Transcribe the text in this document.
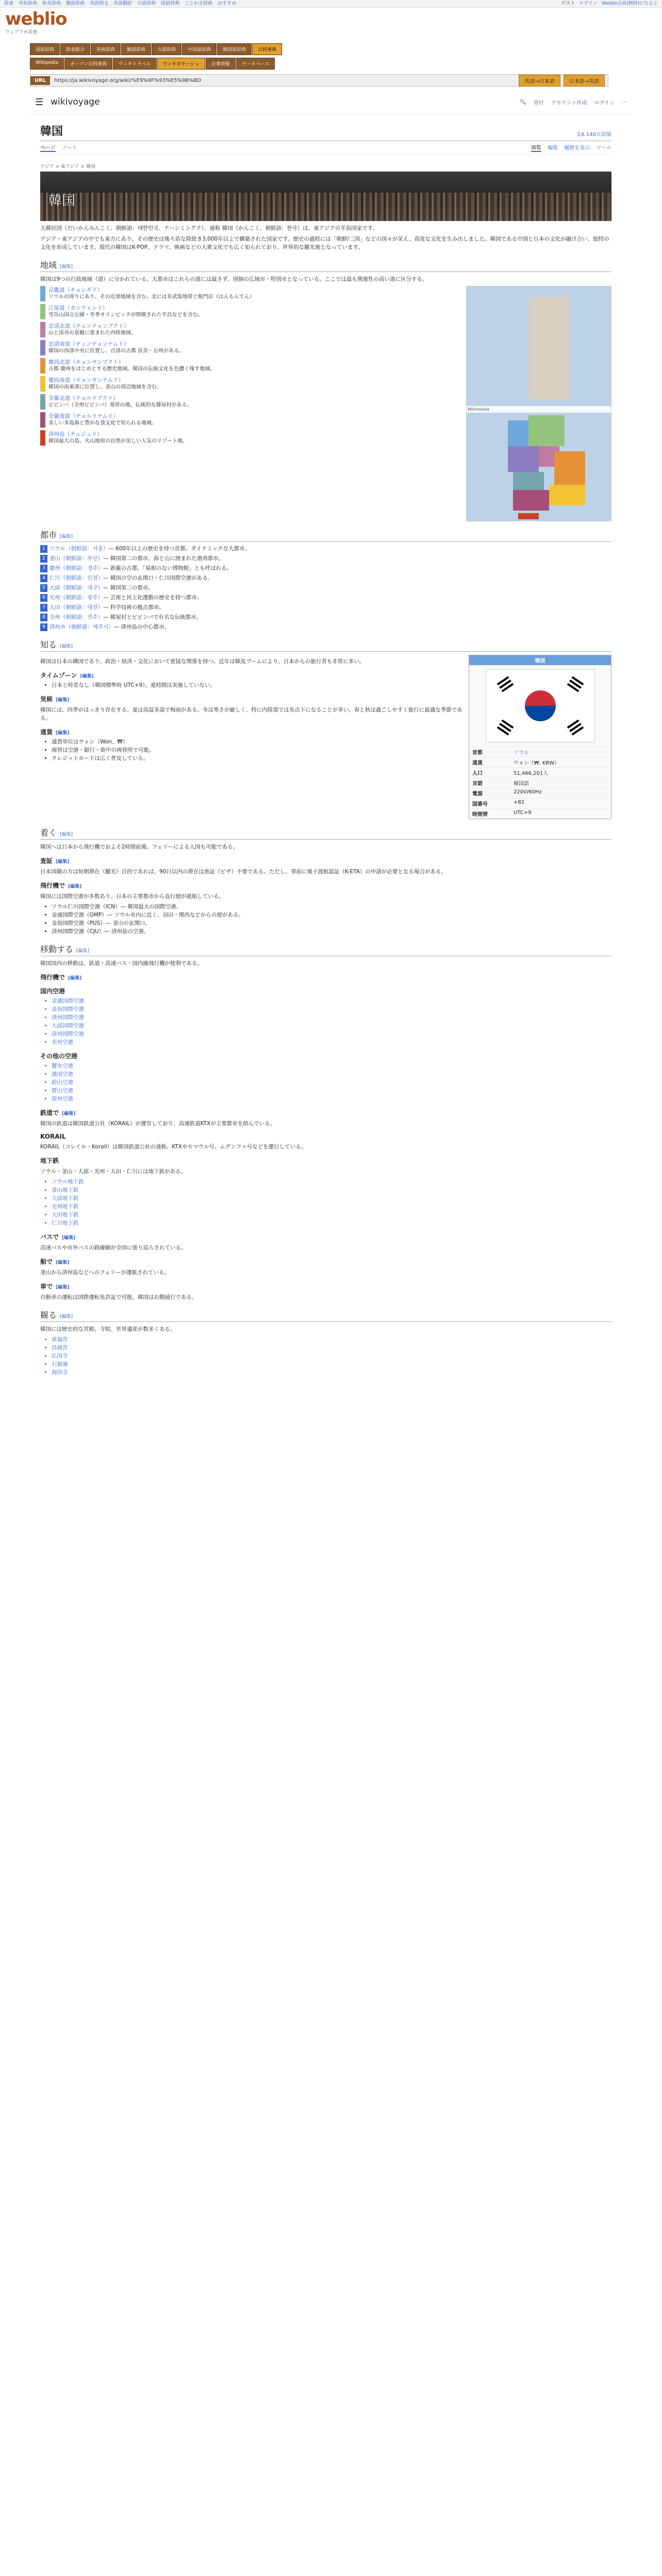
辞書 英和辞典 和英辞典 類語辞典 英語例文 英語翻訳 古語辞典 国語辞典 ことわざ辞典 おすすめ	ゲスト ログイン Weblio会員(無料)になると
weblio
ウェブリオ辞書
国語辞典	辞書総合	英和辞典	類語辞典	古語辞典	中国語辞典	韓国語辞典	百科事典
Wikipedia	オープン百科事典	ウィキトラベル	ウィキボヤージュ	企業情報	データベース
URL	https://ja.wikivoyage.org/wiki/%E9%9F%93%E5%9B%BD	英語→日本語	日本語→英語
☰ wikivoyage	🔍 寄付 アカウント作成 ログイン ⋯
韓国	文A 140言語版
ページ ノート	閲覧 編集 履歴を表示 ツール
アジア > 東アジア > 韓国
韓国

大韓民国（だいかんみんこく、朝鮮語：대한민국、テハンミングク）、通称 韓国（かんこく、朝鮮語：한국）は、東アジアの半島国家です。

アジア・東アジアの中でも東方にあり、その歴史は後ろ盾な陸続き3,000年以上で構築された国家です。歴史の過程には「朝鮮/三国」などの国々が栄え、高度な文化を生み出しました。韓国である中国と日本の文化が融け合い、独特の文化を形成しています。現代の韓国はK-POP、ドラマ、映画などの大衆文化でも広く知られており、世界的な観光地となっています。

地域 [編集]

韓国は9つの行政地域（道）に分かれている。大都市はこれらの道には属さず、別個の広域市・特別市となっている。ここでは最も関連性の高い道に区分する。

京畿道（キョンギド）
ソウルの周りにあり、その近郊地域を含む。北には非武装地帯と板門店（はんもんてん）
江原道（カンウォンド）
雪岳山国立公園・冬季オリンピックが開催された平昌などを含む。
忠清北道（チュンチョンプクト）
山と渓谷の景観に恵まれた内陸地域。
忠清南道（チュンチョンナムド）
韓国の西部中央に位置し、百済の古都 扶余・公州がある。
慶尚北道（キョンサンプクト）
古都 慶州をはじめとする歴史地域。韓国の伝統文化を色濃く残す地域。
慶尚南道（キョンサンナムド）
韓国の南東部に位置し、釜山の周辺地域を含む。
全羅北道（チョルラプクト）
ビビンバ（全州ビビンバ）発祥の地。伝統的な韓屋村がある。
全羅南道（チョルラナムド）
美しい多島海と豊かな食文化で知られる地域。
済州島（チェジュド）
韓国最大の島。火山地形の自然が美しい人気のリゾート地。
Wikimedia
都市 [編集]
1 ソウル（朝鮮語：서울） — 600年以上の歴史を持つ首都。ダイナミックな大都市。
2 釜山（朝鮮語：부산） — 韓国第二の都市。海と山に囲まれた港湾都市。
3 慶州（朝鮮語：경주） — 新羅の古都。「屋根のない博物館」とも呼ばれる。
4 仁川（朝鮮語：인천） — 韓国の空の玄関口・仁川国際空港がある。
5 大邱（朝鮮語：대구） — 韓国第三の都市。
6 光州（朝鮮語：광주） — 芸術と民主化運動の歴史を持つ都市。
7 大田（朝鮮語：대전） — 科学技術の拠点都市。
8 全州（朝鮮語：전주） — 韓屋村とビビンバで有名な伝統都市。
9 済州市（朝鮮語：제주시） — 済州島の中心都市。
知る [編集]

韓国は日本の隣国であり、政治・経済・文化において密接な関係を持つ。近年は韓流ブームにより、日本からの旅行者も非常に多い。

タイムゾーン [編集]
• 日本と時差なし（韓国標準時 UTC+9）。夏時間は実施していない。
気候 [編集]

韓国には、四季がはっきり存在する。夏は高温多湿で梅雨がある。冬は寒さが厳しく、特に内陸部では氷点下になることが多い。春と秋は過ごしやすく旅行に最適な季節である。

通貨 [編集]
• 通貨単位はウォン（Won、₩）
• 両替は空港・銀行・街中の両替所で可能。
• クレジットカードは広く普及している。
韓国
首都	ソウル
通貨	ウォン（₩, KRW）
人口	51,466,201人
言語	韓国語
電源	220V/60Hz
国番号	+82
時間帯	UTC+9
着く [編集]

韓国へは日本から飛行機でおよそ2時間前後。フェリーによる入国も可能である。

査証 [編集]

日本国籍の方は短期滞在（観光）目的であれば、90日以内の滞在は査証（ビザ）不要である。ただし、事前に電子渡航認証（K-ETA）の申請が必要となる場合がある。

飛行機で [編集]

韓国には国際空港が多数あり、日本の主要都市から直行便が就航している。

• ソウル仁川国際空港（ICN）— 韓国最大の国際空港。
• 金浦国際空港（GMP）— ソウル市内に近く、羽田・関西などからの便がある。
• 金海国際空港（PUS）— 釜山の玄関口。
• 済州国際空港（CJU）— 済州島の空港。
移動する [編集]

韓国国内の移動は、鉄道・高速バス・国内線飛行機が便利である。

飛行機で [編集]
国内空港
• 金浦国際空港
• 金海国際空港
• 済州国際空港
• 大邱国際空港
• 清州国際空港
• 光州空港
その他の空港
• 麗水空港
• 浦項空港
• 蔚山空港
• 群山空港
• 原州空港
鉄道で [編集]

韓国の鉄道は韓国鉄道公社（KORAIL）が運営しており、高速鉄道KTXが主要都市を結んでいる。

KORAIL

KORAIL（コレイル・Korail）は韓国鉄道公社の通称。KTXやセマウル号、ムグンファ号などを運行している。

地下鉄

ソウル・釜山・大邱・光州・大田・仁川には地下鉄がある。

• ソウル地下鉄
• 釜山地下鉄
• 大邱地下鉄
• 光州地下鉄
• 大田地下鉄
• 仁川地下鉄
バスで [編集]

高速バスや市外バスの路線網が全国に張り巡らされている。

船で [編集]

釜山から済州島などへのフェリーが運航されている。

車で [編集]

自動車の運転は国際運転免許証で可能。韓国は右側通行である。

観る [編集]

韓国には歴史的な宮殿、寺院、世界遺産が数多くある。

• 景福宮
• 昌徳宮
• 仏国寺
• 石窟庵
• 海印寺
